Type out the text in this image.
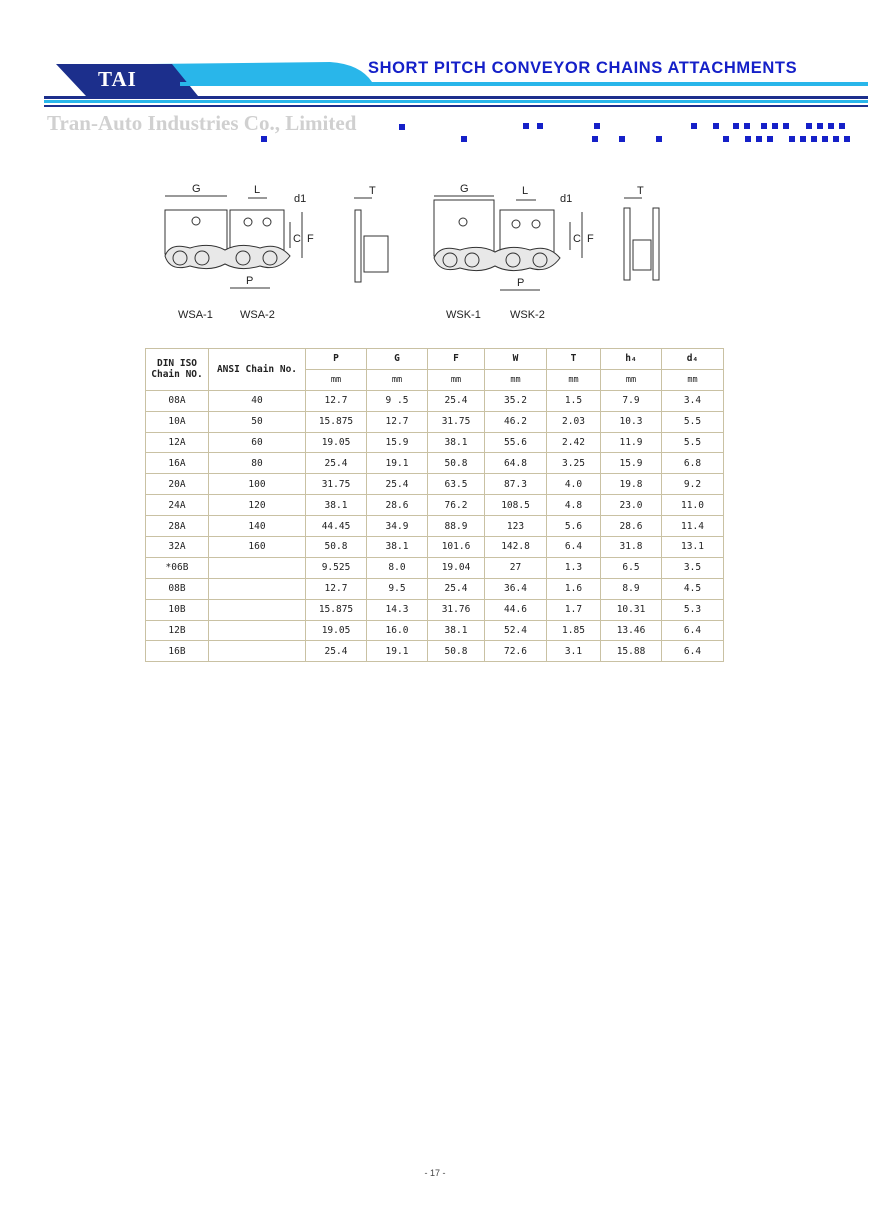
TAI	SHORT PITCH CONVEYOR CHAINS ATTACHMENTS
Tran-Auto Industries Co., Limited
G	L
d1
T
C F
P
G	L
d1
T
C F
P
WSA-1 WSA-2	WSK-1	WSK-2
DIN ISO
Chain NO.	ANSI Chain No.	P	G	F	W	T	h₄	d₄
		mm	mm	mm	mm	mm	mm	mm
08A	40	12.7	9 .5	25.4	35.2	1.5	7.9	3.4
10A	50	15.875	12.7	31.75	46.2	2.03	10.3	5.5
12A	60	19.05	15.9	38.1	55.6	2.42	11.9	5.5
16A	80	25.4	19.1	50.8	64.8	3.25	15.9	6.8
20A	100	31.75	25.4	63.5	87.3	4.0	19.8	9.2
24A	120	38.1	28.6	76.2	108.5	4.8	23.0	11.0
28A	140	44.45	34.9	88.9	123	5.6	28.6	11.4
32A	160	50.8	38.1	101.6	142.8	6.4	31.8	13.1
*06B		9.525	8.0	19.04	27	1.3	6.5	3.5
08B		12.7	9.5	25.4	36.4	1.6	8.9	4.5
10B		15.875	14.3	31.76	44.6	1.7	10.31	5.3
12B		19.05	16.0	38.1	52.4	1.85	13.46	6.4
16B		25.4	19.1	50.8	72.6	3.1	15.88	6.4
- 17 -
